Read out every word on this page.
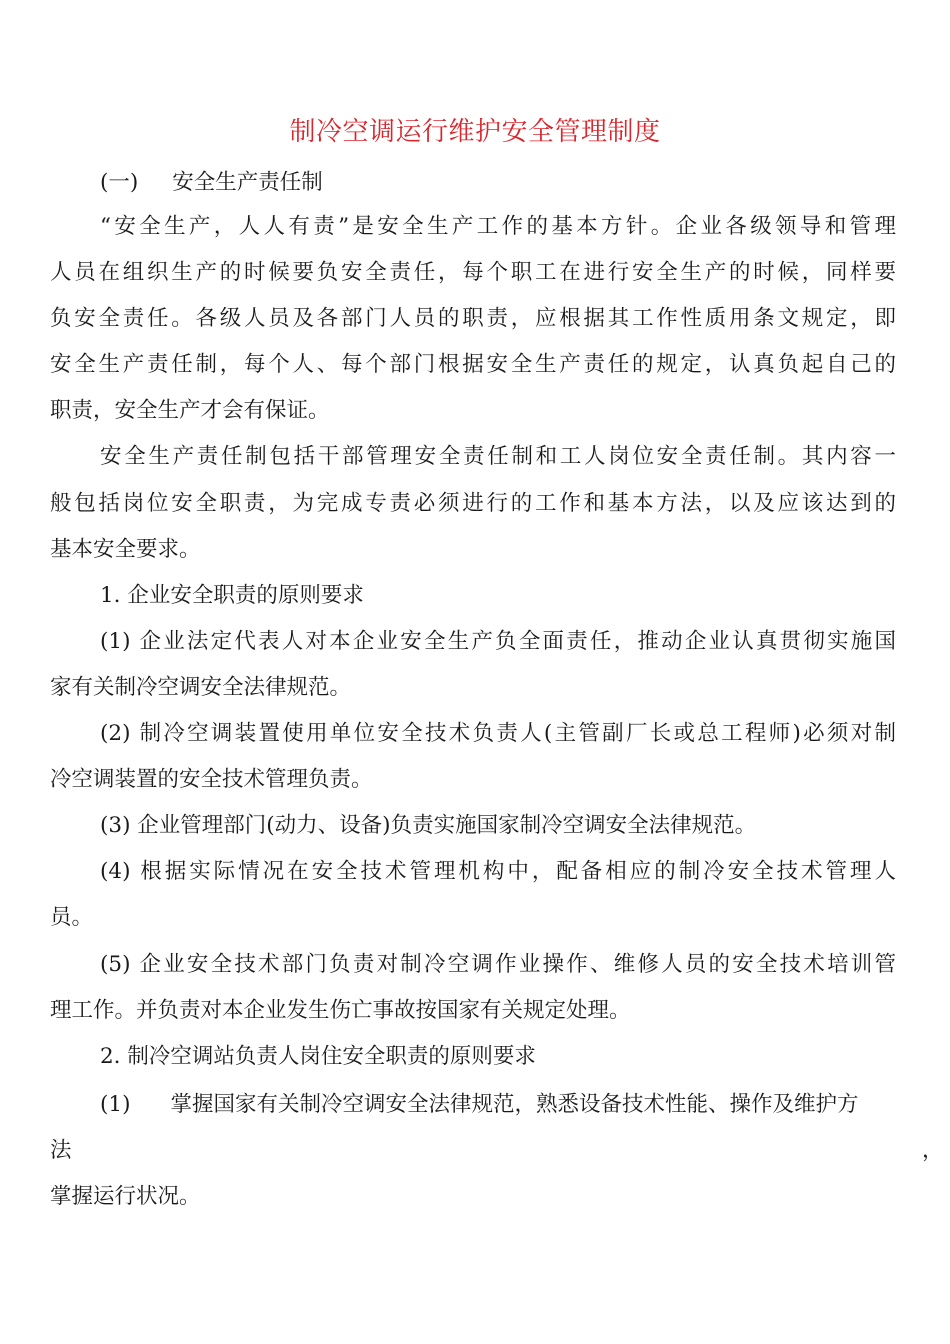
制冷空调运行维护安全管理制度

(一) 安全生产责任制

“安全生产，人人有责”是安全生产工作的基本方针。企业各级领导和管理

人员在组织生产的时候要负安全责任，每个职工在进行安全生产的时候，同样要

负安全责任。各级人员及各部门人员的职责，应根据其工作性质用条文规定，即

安全生产责任制，每个人、每个部门根据安全生产责任的规定，认真负起自己的

职责，安全生产才会有保证。

安全生产责任制包括干部管理安全责任制和工人岗位安全责任制。其内容一

般包括岗位安全职责，为完成专责必须进行的工作和基本方法，以及应该达到的

基本安全要求。

1. 企业安全职责的原则要求

(1) 企业法定代表人对本企业安全生产负全面责任，推动企业认真贯彻实施国

家有关制冷空调安全法律规范。

(2) 制冷空调装置使用单位安全技术负责人(主管副厂长或总工程师)必须对制

冷空调装置的安全技术管理负责。

(3) 企业管理部门(动力、设备)负责实施国家制冷空调安全法律规范。

(4) 根据实际情况在安全技术管理机构中，配备相应的制冷安全技术管理人

员。

(5) 企业安全技术部门负责对制冷空调作业操作、维修人员的安全技术培训管

理工作。并负责对本企业发生伤亡事故按国家有关规定处理。

2. 制冷空调站负责人岗住安全职责的原则要求

(1) 掌握国家有关制冷空调安全法律规范，熟悉设备技术性能、操作及维护方

法	，

掌握运行状况。
